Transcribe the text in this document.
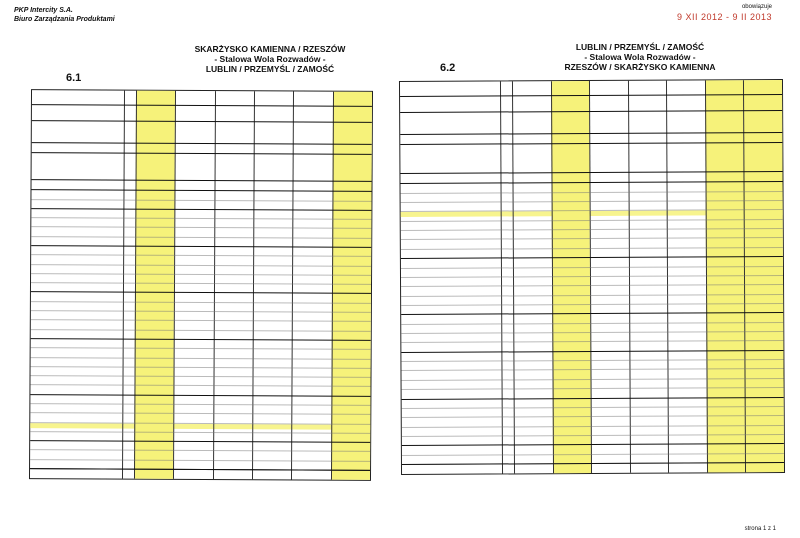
PKP Intercity S.A.
Biuro Zarządzania Produktami
obowiązuje
9 XII 2012 - 9 II 2013
6.1
SKARŻYSKO KAMIENNA / RZESZÓW
- Stalowa Wola Rozwadów -
LUBLIN / PRZEMYŚL / ZAMOŚĆ	6.2
LUBLIN / PRZEMYŚL / ZAMOŚĆ
- Stalowa Wola Rozwadów -
RZESZÓW / SKARŻYSKO KAMIENNA
strona 1 z 1
